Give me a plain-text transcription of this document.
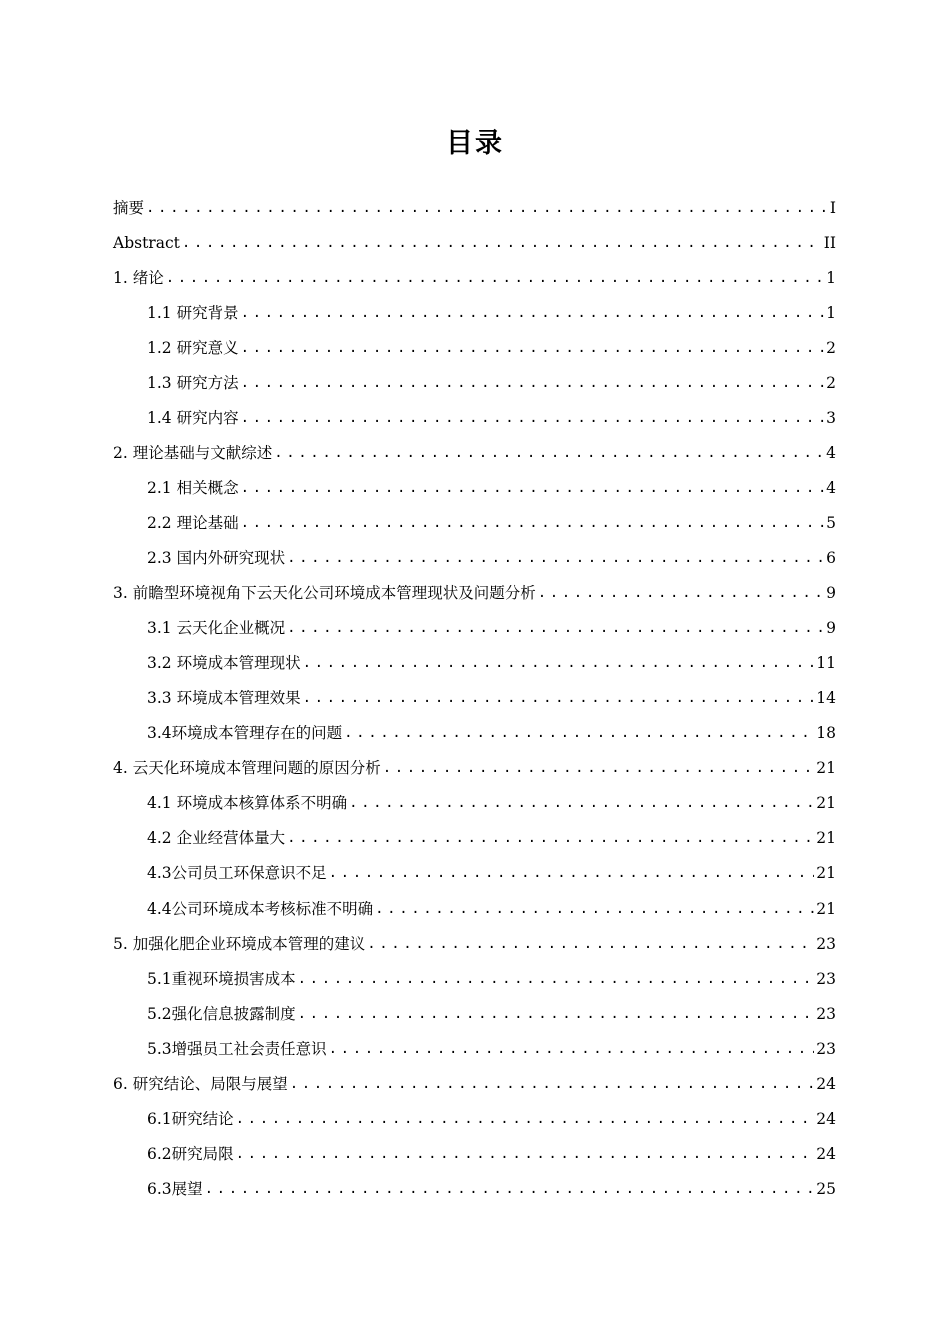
目录
摘要 .....	I
Abstract .....	II
1. 绪论 .....	1
1.1 研究背景 .....	1
1.2 研究意义 .....	2
1.3 研究方法 .....	2
1.4 研究内容 .....	3
2. 理论基础与文献综述 .....	4
2.1 相关概念 .....	4
2.2 理论基础 .....	5
2.3 国内外研究现状 .....	6
3. 前瞻型环境视角下云天化公司环境成本管理现状及问题分析 .....	9
3.1 云天化企业概况 .....	9
3.2 环境成本管理现状 .....	11
3.3 环境成本管理效果 .....	14
3.4环境成本管理存在的问题 .....	18
4. 云天化环境成本管理问题的原因分析 .....	21
4.1 环境成本核算体系不明确 .....	21
4.2 企业经营体量大 .....	21
4.3公司员工环保意识不足 .....	21
4.4公司环境成本考核标准不明确 .....	21
5. 加强化肥企业环境成本管理的建议 .....	23
5.1重视环境损害成本 .....	23
5.2强化信息披露制度 .....	23
5.3增强员工社会责任意识 .....	23
6. 研究结论、局限与展望 .....	24
6.1研究结论 .....	24
6.2研究局限 .....	24
6.3展望 .....	25
